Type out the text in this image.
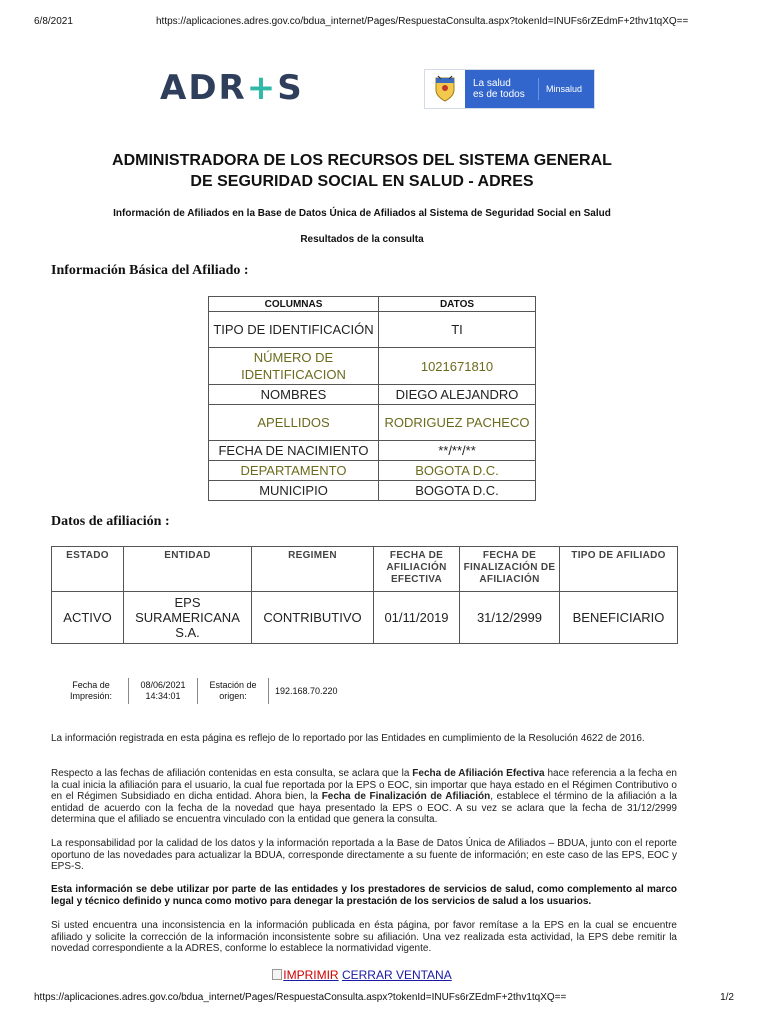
6/8/2021	https://aplicaciones.adres.gov.co/bdua_internet/Pages/RespuestaConsulta.aspx?tokenId=INUFs6rZEdmF+2thv1tqXQ==
AD R + S	La salud
es de todos	Minsalud
ADMINISTRADORA DE LOS RECURSOS DEL SISTEMA GENERAL
DE SEGURIDAD SOCIAL EN SALUD - ADRES
Información de Afiliados en la Base de Datos Única de Afiliados al Sistema de Seguridad Social en Salud
Resultados de la consulta
Información Básica del Afiliado :
COLUMNAS	DATOS
TIPO DE IDENTIFICACIÓN	TI
NÚMERO DE IDENTIFICACION	1021671810
NOMBRES	DIEGO ALEJANDRO
APELLIDOS	RODRIGUEZ PACHECO
FECHA DE NACIMIENTO	**/**/**
DEPARTAMENTO	BOGOTA D.C.
MUNICIPIO	BOGOTA D.C.
Datos de afiliación :
ESTADO	ENTIDAD	REGIMEN	FECHA DE AFILIACIÓN EFECTIVA	FECHA DE FINALIZACIÓN DE AFILIACIÓN	TIPO DE AFILIADO
ACTIVO	EPS SURAMERICANA S.A.	CONTRIBUTIVO	01/11/2019	31/12/2999	BENEFICIARIO
Fecha de Impresión:
08/06/2021 14:34:01
Estación de origen:
192.168.70.220
La información registrada en esta página es reflejo de lo reportado por las Entidades en cumplimiento de la Resolución 4622 de 2016.
Respecto a las fechas de afiliación contenidas en esta consulta, se aclara que la Fecha de Afiliación Efectiva hace referencia a la fecha en la cual inicia la afiliación para el usuario, la cual fue reportada por la EPS o EOC, sin importar que haya estado en el Régimen Contributivo o en el Régimen Subsidiado en dicha entidad. Ahora bien, la Fecha de Finalización de Afiliación, establece el término de la afiliación a la entidad de acuerdo con la fecha de la novedad que haya presentado la EPS o EOC. A su vez se aclara que la fecha de 31/12/2999 determina que el afiliado se encuentra vinculado con la entidad que genera la consulta.
La responsabilidad por la calidad de los datos y la información reportada a la Base de Datos Única de Afiliados – BDUA, junto con el reporte oportuno de las novedades para actualizar la BDUA, corresponde directamente a su fuente de información; en este caso de las EPS, EOC y EPS-S.
Esta información se debe utilizar por parte de las entidades y los prestadores de servicios de salud, como complemento al marco legal y técnico definido y nunca como motivo para denegar la prestación de los servicios de salud a los usuarios.
Si usted encuentra una inconsistencia en la información publicada en ésta página, por favor remítase a la EPS en la cual se encuentre afiliado y solicite la corrección de la información inconsistente sobre su afiliación. Una vez realizada esta actividad, la EPS debe remitir la novedad correspondiente a la ADRES, conforme lo establece la normatividad vigente.
IMPRIMIR CERRAR VENTANA
https://aplicaciones.adres.gov.co/bdua_internet/Pages/RespuestaConsulta.aspx?tokenId=INUFs6rZEdmF+2thv1tqXQ==	1/2
